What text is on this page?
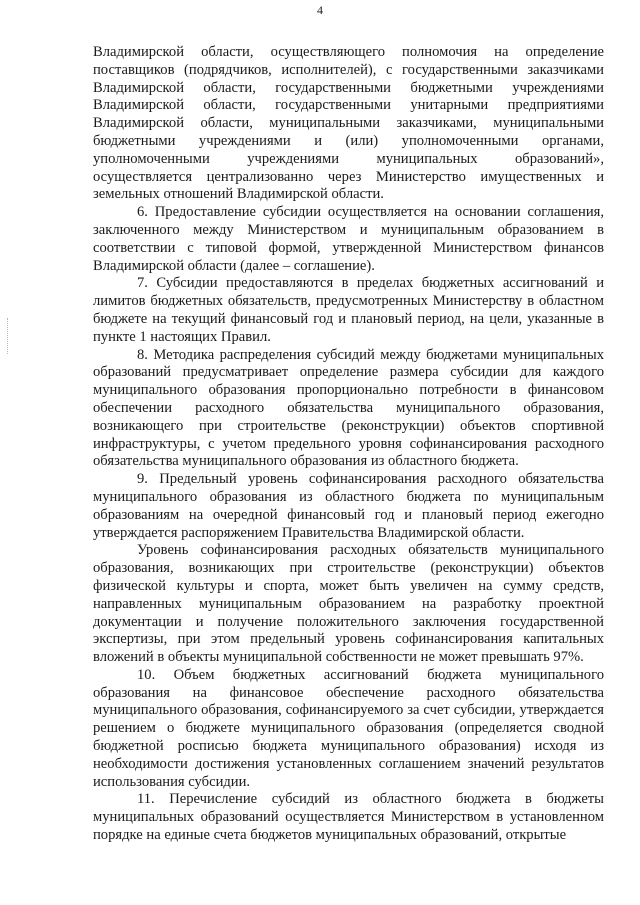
4

Владимирской области, осуществляющего полномочия на определение поставщиков (подрядчиков, исполнителей), с государственными заказчиками Владимирской области, государственными бюджетными учреждениями Владимирской области, государственными унитарными предприятиями Владимирской области, муниципальными заказчиками, муниципальными бюджетными учреждениями и (или) уполномоченными органами, уполномоченными учреждениями муниципальных образований», осуществляется централизованно через Министерство имущественных и земельных отношений Владимирской области.

6. Предоставление субсидии осуществляется на основании соглашения, заключенного между Министерством и муниципальным образованием в соответствии с типовой формой, утвержденной Министерством финансов Владимирской области (далее – соглашение).

7. Субсидии предоставляются в пределах бюджетных ассигнований и лимитов бюджетных обязательств, предусмотренных Министерству в областном бюджете на текущий финансовый год и плановый период, на цели, указанные в пункте 1 настоящих Правил.

8. Методика распределения субсидий между бюджетами муниципальных образований предусматривает определение размера субсидии для каждого муниципального образования пропорционально потребности в финансовом обеспечении расходного обязательства муниципального образования, возникающего при строительстве (реконструкции) объектов спортивной инфраструктуры, с учетом предельного уровня софинансирования расходного обязательства муниципального образования из областного бюджета.

9. Предельный уровень софинансирования расходного обязательства муниципального образования из областного бюджета по муниципальным образованиям на очередной финансовый год и плановый период ежегодно утверждается распоряжением Правительства Владимирской области.

Уровень софинансирования расходных обязательств муниципального образования, возникающих при строительстве (реконструкции) объектов физической культуры и спорта, может быть увеличен на сумму средств, направленных муниципальным образованием на разработку проектной документации и получение положительного заключения государственной экспертизы, при этом предельный уровень софинансирования капитальных вложений в объекты муниципальной собственности не может превышать 97%.

10. Объем бюджетных ассигнований бюджета муниципального образования на финансовое обеспечение расходного обязательства муниципального образования, софинансируемого за счет субсидии, утверждается решением о бюджете муниципального образования (определяется сводной бюджетной росписью бюджета муниципального образования) исходя из необходимости достижения установленных соглашением значений результатов использования субсидии.

11. Перечисление субсидий из областного бюджета в бюджеты муниципальных образований осуществляется Министерством в установленном порядке на единые счета бюджетов муниципальных образований, открытые
